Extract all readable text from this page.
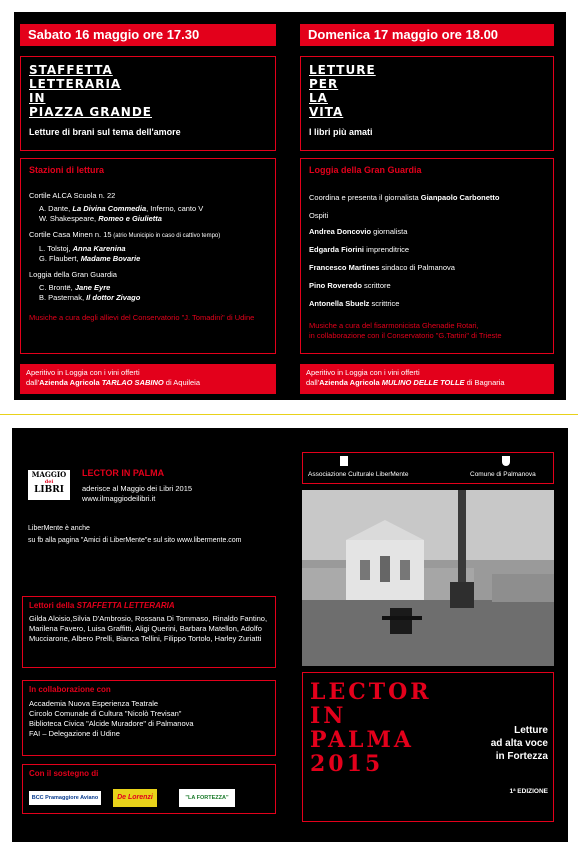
Sabato 16 maggio ore 17.30
STAFFETTA
LETTERARIA
IN
PIAZZA GRANDE
Letture di brani sul tema dell'amore
Stazioni di lettura
Cortile ALCA Scuola n. 22
A. Dante, La Divina Commedia, Inferno, canto V
W. Shakespeare, Romeo e Giulietta
Cortile Casa Minen n. 15 (atrio Municipio in caso di cattivo tempo)
L. Tolstoj, Anna Karenina
G. Flaubert, Madame Bovarie
Loggia della Gran Guardia
C. Brontë, Jane Eyre
B. Pasternak, Il dottor Zivago
Musiche a cura degli allievi del Conservatorio "J. Tomadini" di Udine
Aperitivo in Loggia con i vini offerti
dall'Azienda Agricola TARLAO SABINO di Aquileia
Domenica 17 maggio ore 18.00
LETTURE
PER
LA
VITA
I libri più amati
Loggia della Gran Guardia
Coordina e presenta il giornalista Gianpaolo Carbonetto
Ospiti
Andrea Doncovio giornalista
Edgarda Fiorini imprenditrice
Francesco Martines sindaco di Palmanova
Pino Roveredo scrittore
Antonella Sbuelz scrittrice
Musiche a cura del fisarmonicista Ghenadie Rotari,
in collaborazione con il Conservatorio "G.Tartini" di Trieste
Aperitivo in Loggia con i vini offerti
dall'Azienda Agricola MULINO DELLE TOLLE di Bagnaria
MAGGIO
dei
LIBRI
LECTOR IN PALMA
aderisce al Maggio dei Libri 2015
www.ilmaggiodeilibri.it
LiberMente è anche
su fb alla pagina "Amici di LiberMente"e sul sito www.libermente.com
Lettori della STAFFETTA LETTERARIA
Gilda Aloisio,Silvia D'Ambrosio, Rossana Di Tommaso, Rinaldo Fantino, Marilena Favero, Luisa Graffitti, Aligi Querini, Barbara Matellon, Adolfo Mucciarone, Albero Prelli, Bianca Tellini, Filippo Tortolo, Harley Zuriatti
In collaborazione con
Accademia Nuova Esperienza Teatrale
Circolo Comunale di Cultura "Nicolò Trevisan"
Biblioteca Civica "Alcide Muradore" di Palmanova
FAI – Delegazione di Udine
Con il sostegno di
BCC Pramaggiore Aviano	De Lorenzi	"LA FORTEZZA"
Associazione Culturale LiberMente	Comune di Palmanova
LECTOR
IN
PALMA
2015
Letture
ad alta voce
in Fortezza
1ª EDIZIONE
